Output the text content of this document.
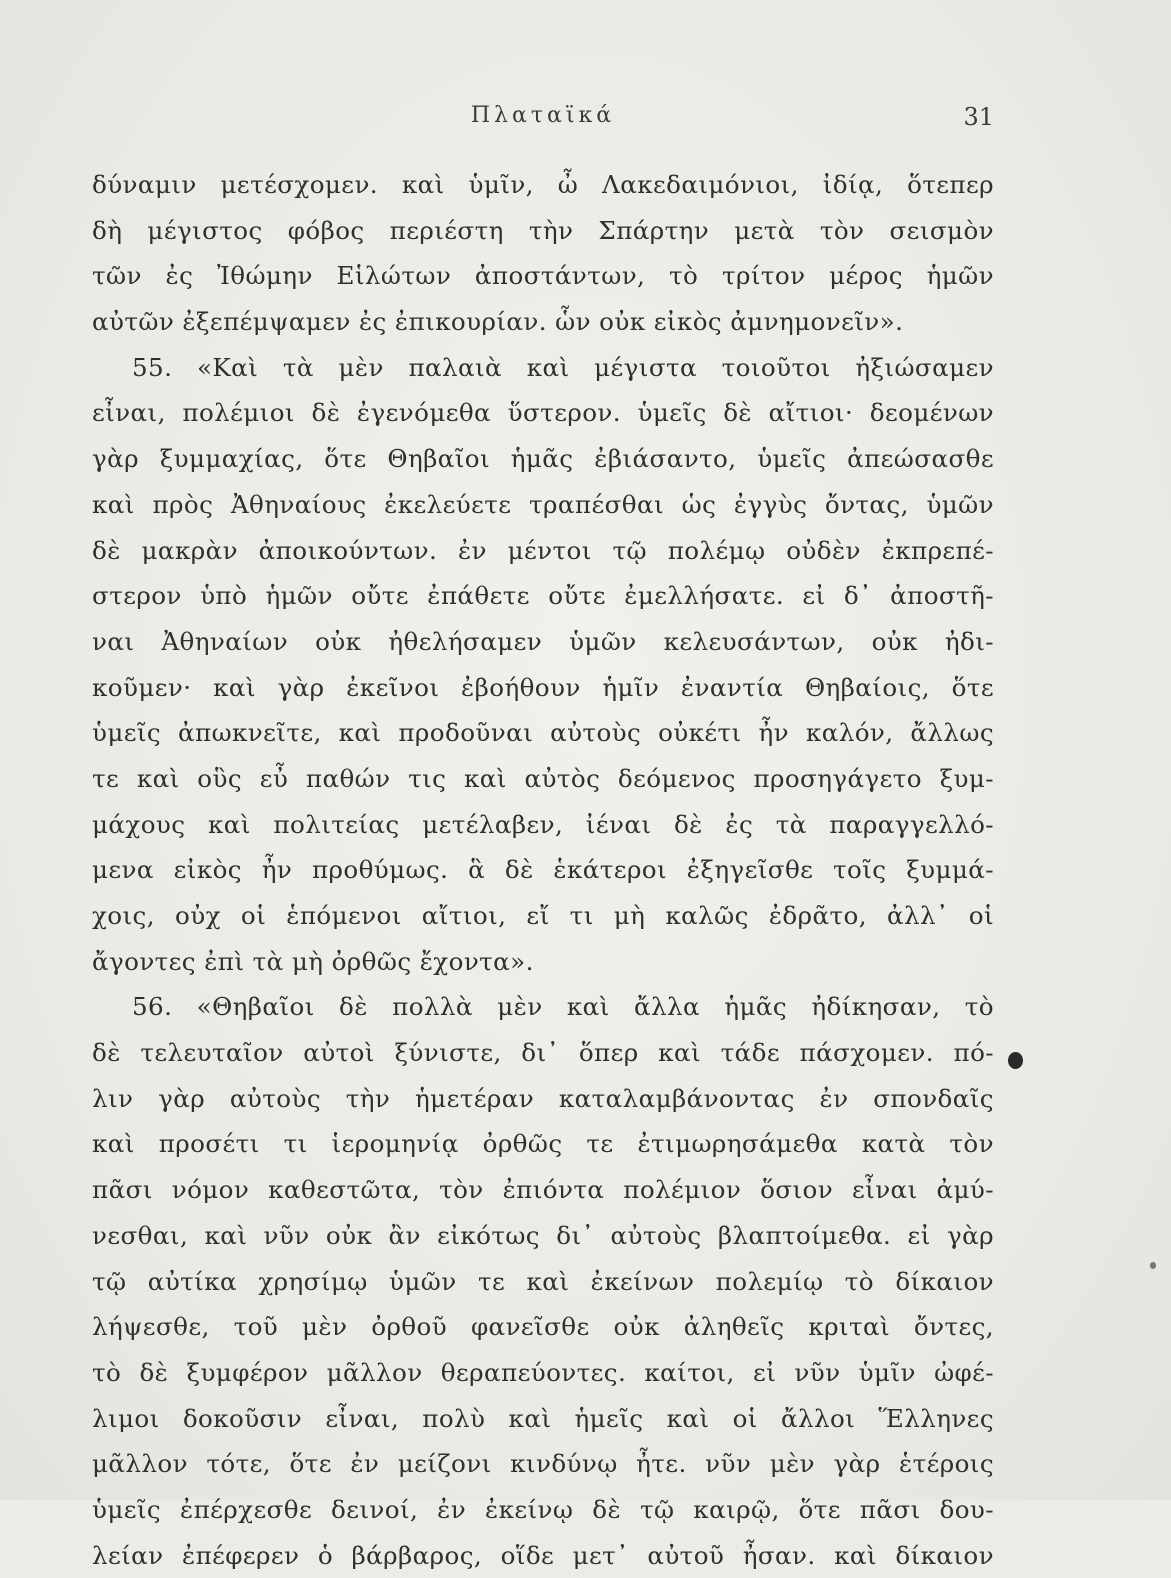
Πλαταϊκά	31
δύναμιν μετέσχομεν. καὶ ὑμῖν, ὦ Λακεδαιμόνιοι, ἰδίᾳ, ὅτεπερ
δὴ μέγιστος φόβος περιέστη τὴν Σπάρτην μετὰ τὸν σεισμὸν
τῶν ἐς Ἰθώμην Εἱλώτων ἀποστάντων, τὸ τρίτον μέρος ἡμῶν
αὐτῶν ἐξεπέμψαμεν ἐς ἐπικουρίαν. ὧν οὐκ εἰκὸς ἀμνημονεῖν».
55. «Καὶ τὰ μὲν παλαιὰ καὶ μέγιστα τοιοῦτοι ἠξιώσαμεν
εἶναι, πολέμιοι δὲ ἐγενόμεθα ὕστερον. ὑμεῖς δὲ αἴτιοι· δεομένων
γὰρ ξυμμαχίας, ὅτε Θηβαῖοι ἡμᾶς ἐβιάσαντο, ὑμεῖς ἀπεώσασθε
καὶ πρὸς Ἀθηναίους ἐκελεύετε τραπέσθαι ὡς ἐγγὺς ὄντας, ὑμῶν
δὲ μακρὰν ἀποικούντων. ἐν μέντοι τῷ πολέμῳ οὐδὲν ἐκπρεπέ-
στερον ὑπὸ ἡμῶν οὔτε ἐπάθετε οὔτε ἐμελλήσατε. εἰ δ᾽ ἀποστῆ-
ναι Ἀθηναίων οὐκ ἠθελήσαμεν ὑμῶν κελευσάντων, οὐκ ἠδι-
κοῦμεν· καὶ γὰρ ἐκεῖνοι ἐβοήθουν ἡμῖν ἐναντία Θηβαίοις, ὅτε
ὑμεῖς ἀπωκνεῖτε, καὶ προδοῦναι αὐτοὺς οὐκέτι ἦν καλόν, ἄλλως
τε καὶ οὓς εὖ παθών τις καὶ αὐτὸς δεόμενος προσηγάγετο ξυμ-
μάχους καὶ πολιτείας μετέλαβεν, ἰέναι δὲ ἐς τὰ παραγγελλό-
μενα εἰκὸς ἦν προθύμως. ἃ δὲ ἑκάτεροι ἐξηγεῖσθε τοῖς ξυμμά-
χοις, οὐχ οἱ ἑπόμενοι αἴτιοι, εἴ τι μὴ καλῶς ἐδρᾶτο, ἀλλ᾽ οἱ
ἄγοντες ἐπὶ τὰ μὴ ὀρθῶς ἔχοντα».
56. «Θηβαῖοι δὲ πολλὰ μὲν καὶ ἄλλα ἡμᾶς ἠδίκησαν, τὸ
δὲ τελευταῖον αὐτοὶ ξύνιστε, δι᾽ ὅπερ καὶ τάδε πάσχομεν. πό-
λιν γὰρ αὐτοὺς τὴν ἡμετέραν καταλαμβάνοντας ἐν σπονδαῖς
καὶ προσέτι τι ἱερομηνίᾳ ὀρθῶς τε ἐτιμωρησάμεθα κατὰ τὸν
πᾶσι νόμον καθεστῶτα, τὸν ἐπιόντα πολέμιον ὅσιον εἶναι ἀμύ-
νεσθαι, καὶ νῦν οὐκ ἂν εἰκότως δι᾽ αὐτοὺς βλαπτοίμεθα. εἰ γὰρ
τῷ αὐτίκα χρησίμῳ ὑμῶν τε καὶ ἐκείνων πολεμίῳ τὸ δίκαιον
λήψεσθε, τοῦ μὲν ὀρθοῦ φανεῖσθε οὐκ ἀληθεῖς κριταὶ ὄντες,
τὸ δὲ ξυμφέρον μᾶλλον θεραπεύοντες. καίτοι, εἰ νῦν ὑμῖν ὠφέ-
λιμοι δοκοῦσιν εἶναι, πολὺ καὶ ἡμεῖς καὶ οἱ ἄλλοι Ἕλληνες
μᾶλλον τότε, ὅτε ἐν μείζονι κινδύνῳ ἦτε. νῦν μὲν γὰρ ἑτέροις
ὑμεῖς ἐπέρχεσθε δεινοί, ἐν ἐκείνῳ δὲ τῷ καιρῷ, ὅτε πᾶσι δου-
λείαν ἐπέφερεν ὁ βάρβαρος, οἵδε μετ᾽ αὐτοῦ ἦσαν. καὶ δίκαιον
